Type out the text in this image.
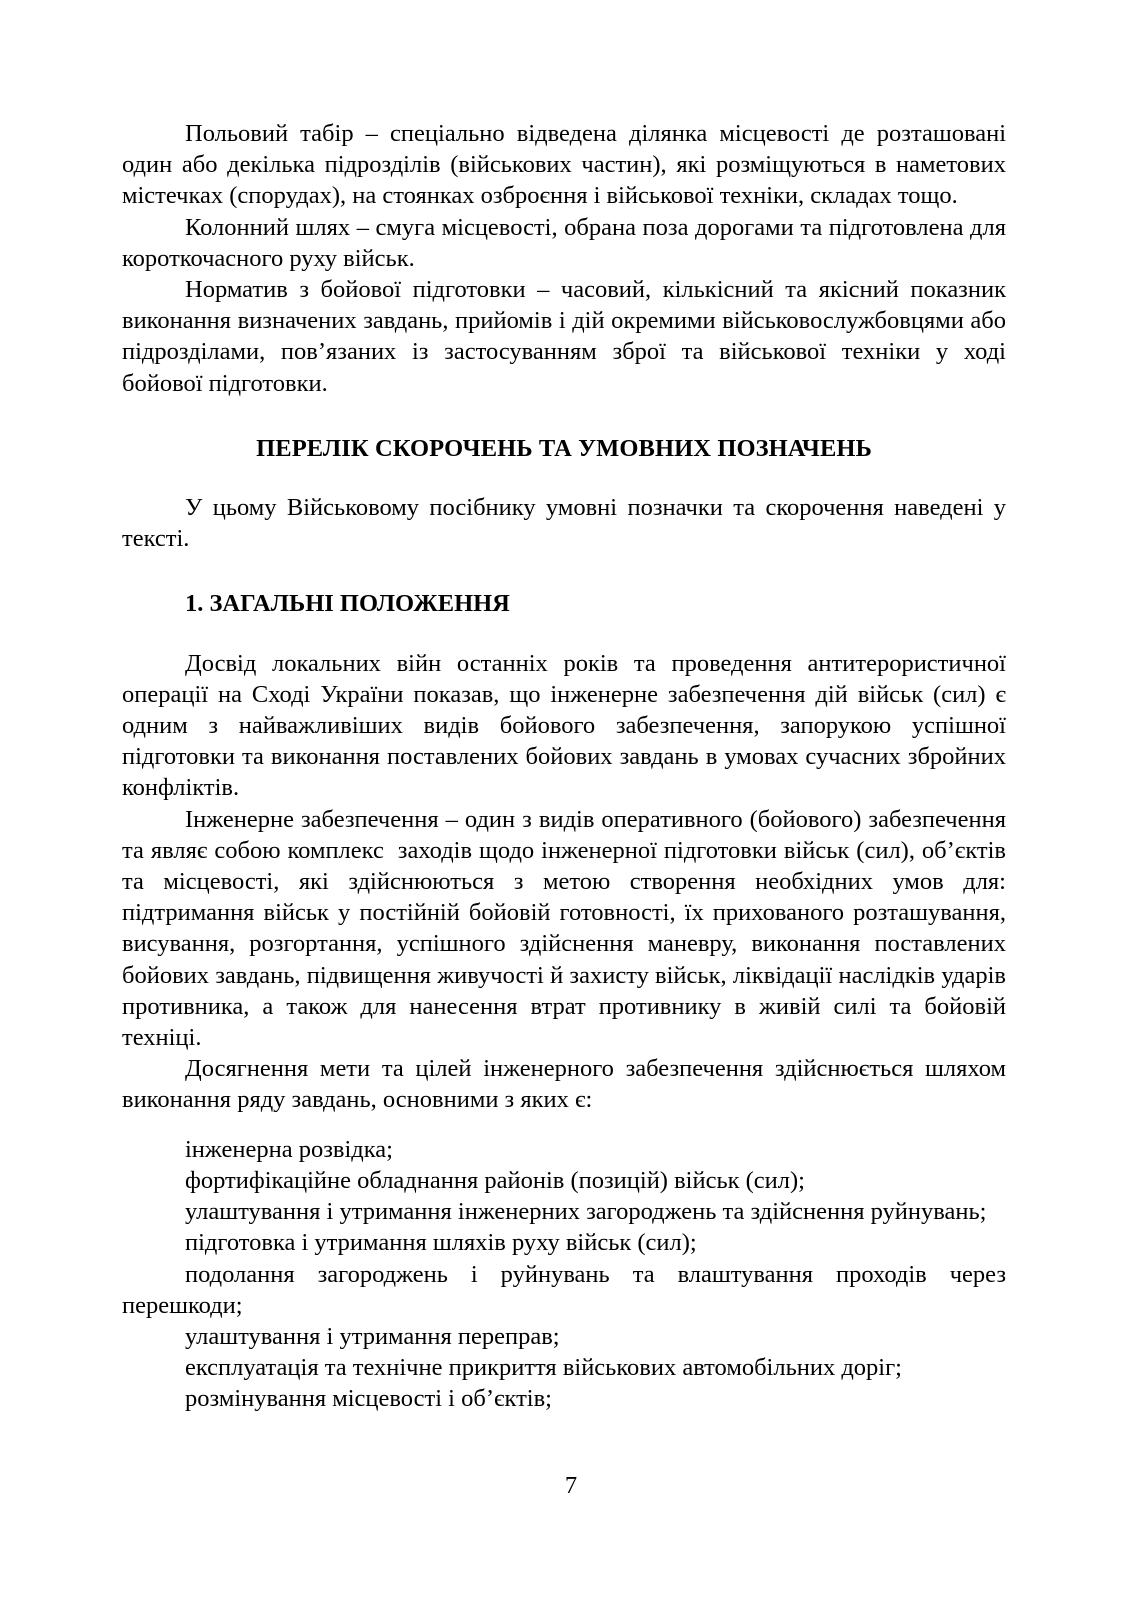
Польовий табір – спеціально відведена ділянка місцевості де розташовані один або декілька підрозділів (військових частин), які розміщуються в наметових містечках (спорудах), на стоянках озброєння і військової техніки, складах тощо.

Колонний шлях – смуга місцевості, обрана поза дорогами та підготовлена для короткочасного руху військ.

Норматив з бойової підготовки – часовий, кількісний та якісний показник виконання визначених завдань, прийомів і дій окремими військовослужбовцями або підрозділами, пов’язаних із застосуванням зброї та військової техніки у ході бойової підготовки.

ПЕРЕЛІК СКОРОЧЕНЬ ТА УМОВНИХ ПОЗНАЧЕНЬ

У цьому Військовому посібнику умовні позначки та скорочення наведені у тексті.

1. ЗАГАЛЬНІ ПОЛОЖЕННЯ

Досвід локальних війн останніх років та проведення антитерористичної операції на Сході України показав, що інженерне забезпечення дій військ (сил) є одним з найважливіших видів бойового забезпечення, запорукою успішної підготовки та виконання поставлених бойових завдань в умовах сучасних збройних конфліктів.

Інженерне забезпечення – один з видів оперативного (бойового) забезпечення та являє собою комплекс  заходів щодо інженерної підготовки військ (сил), об’єктів та місцевості, які здійснюються з метою створення необхідних умов для: підтримання військ у постійній бойовій готовності, їх прихованого розташування, висування, розгортання, успішного здійснення маневру, виконання поставлених бойових завдань, підвищення живучості й захисту військ, ліквідації наслідків ударів противника, а також для нанесення втрат противнику в живій силі та бойовій техніці.

Досягнення мети та цілей інженерного забезпечення здійснюється шляхом виконання ряду завдань, основними з яких є:

інженерна розвідка;
фортифікаційне обладнання районів (позицій) військ (сил);
улаштування і утримання інженерних загороджень та здійснення руйнувань;
підготовка і утримання шляхів руху військ (сил);
подолання загороджень і руйнувань та влаштування проходів через перешкоди;
улаштування і утримання переправ;
експлуатація та технічне прикриття військових автомобільних доріг;
розмінування місцевості і об’єктів;
7
